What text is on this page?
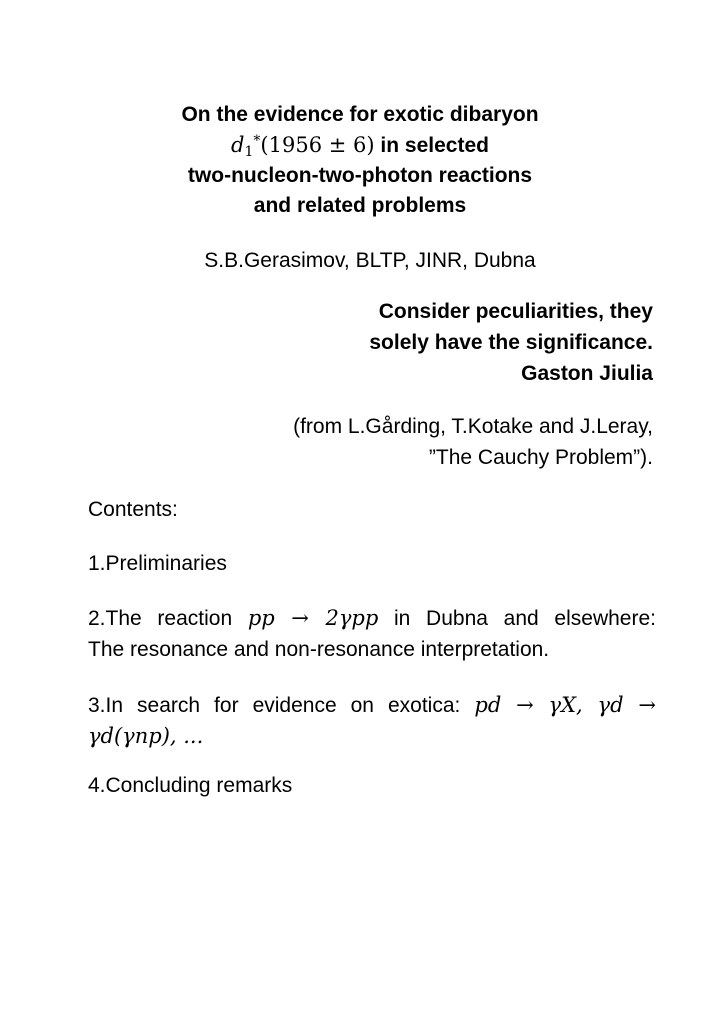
On the evidence for exotic dibaryon
$d_1^*(1956 \pm 6)$ in selected
two-nucleon-two-photon reactions
and related problems
S.B.Gerasimov, BLTP, JINR, Dubna
Consider peculiarities, they
solely have the significance.
Gaston Jiulia
(from L.Gårding, T.Kotake and J.Leray,
”The Cauchy Problem”).
Contents:
1.Preliminaries
2.The reaction pp → 2γpp in Dubna and elsewhere:
The resonance and non-resonance interpretation.
3.In search for evidence on exotica: pd → γX, γd →
γd(γnp), ...
4.Concluding remarks
